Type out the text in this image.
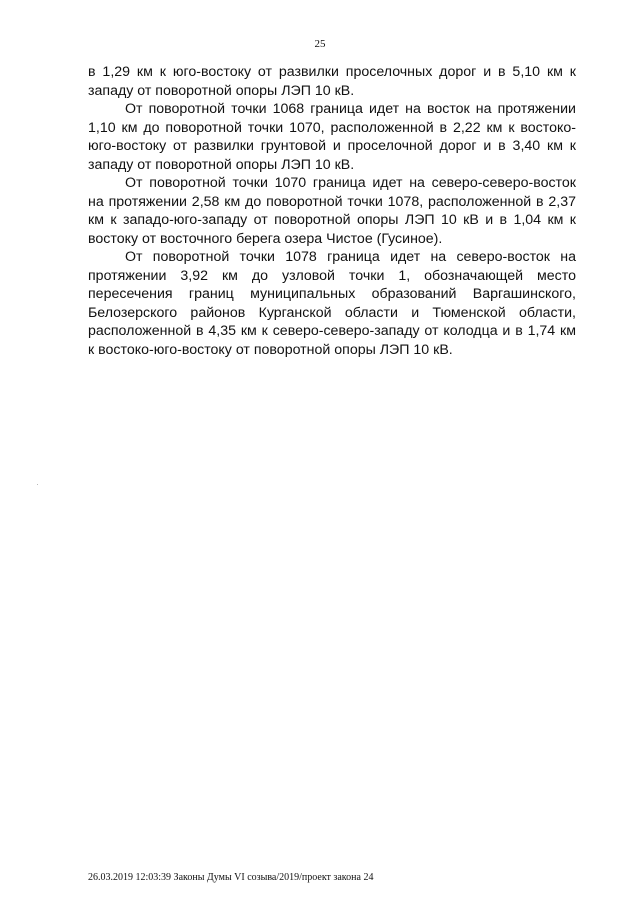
25

в 1,29 км к юго-востоку от развилки проселочных дорог и в 5,10 км к западу от поворотной опоры ЛЭП 10 кВ.

От поворотной точки 1068 граница идет на восток на протяжении 1,10 км до поворотной точки 1070, расположенной в 2,22 км к востоко-юго-востоку от развилки грунтовой и проселочной дорог и в 3,40 км к западу от поворотной опоры ЛЭП 10 кВ.

От поворотной точки 1070 граница идет на северо-северо-восток на протяжении 2,58 км до поворотной точки 1078, расположенной в 2,37 км к западо-юго-западу от поворотной опоры ЛЭП 10 кВ и в 1,04 км к востоку от восточного берега озера Чистое (Гусиное).

От поворотной точки 1078 граница идет на северо-восток на протяжении 3,92 км до узловой точки 1, обозначающей место пересечения границ муниципальных образований Варгашинского, Белозерского районов Курганской области и Тюменской области, расположенной в 4,35 км к северо-северо-западу от колодца и в 1,74 км к востоко-юго-востоку от поворотной опоры ЛЭП 10 кВ.

26.03.2019 12:03:39 Законы Думы VI созыва/2019/проект закона 24
